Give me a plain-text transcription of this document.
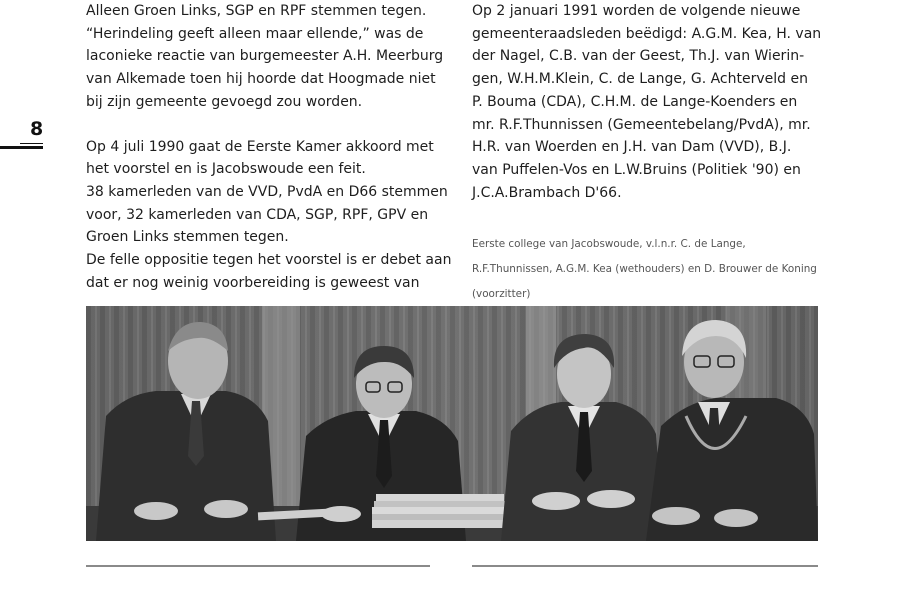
8

Alleen Groen Links, SGP en RPF stemmen tegen.
“Herindeling geeft alleen maar ellende,” was de
laconieke reactie van burgemeester A.H. Meerburg
van Alkemade toen hij hoorde dat Hoogmade niet
bij zijn gemeente gevoegd zou worden.

Op 4 juli 1990 gaat de Eerste Kamer akkoord met
het voorstel en is Jacobswoude een feit.
38 kamerleden van de VVD, PvdA en D66 stemmen
voor, 32 kamerleden van CDA, SGP, RPF, GPV en
Groen Links stemmen tegen.
De felle oppositie tegen het voorstel is er debet aan
dat er nog weinig voorbereiding is geweest van

Op 2 januari 1991 worden de volgende nieuwe
gemeenteraadsleden beëdigd: A.G.M. Kea, H. van
der Nagel, C.B. van der Geest, Th.J. van Wierin-
gen, W.H.M.Klein, C. de Lange, G. Achterveld en
P. Bouma (CDA), C.H.M. de Lange-Koenders en
mr. R.F.Thunnissen (Gemeentebelang/PvdA), mr.
H.R. van Woerden en J.H. van Dam (VVD), B.J.
van Puffelen-Vos en L.W.Bruins (Politiek '90) en
J.C.A.Brambach D'66.

Eerste college van Jacobswoude, v.l.n.r. C. de Lange,
R.F.Thunnissen, A.G.M. Kea (wethouders) en D. Brouwer de Koning
(voorzitter)
